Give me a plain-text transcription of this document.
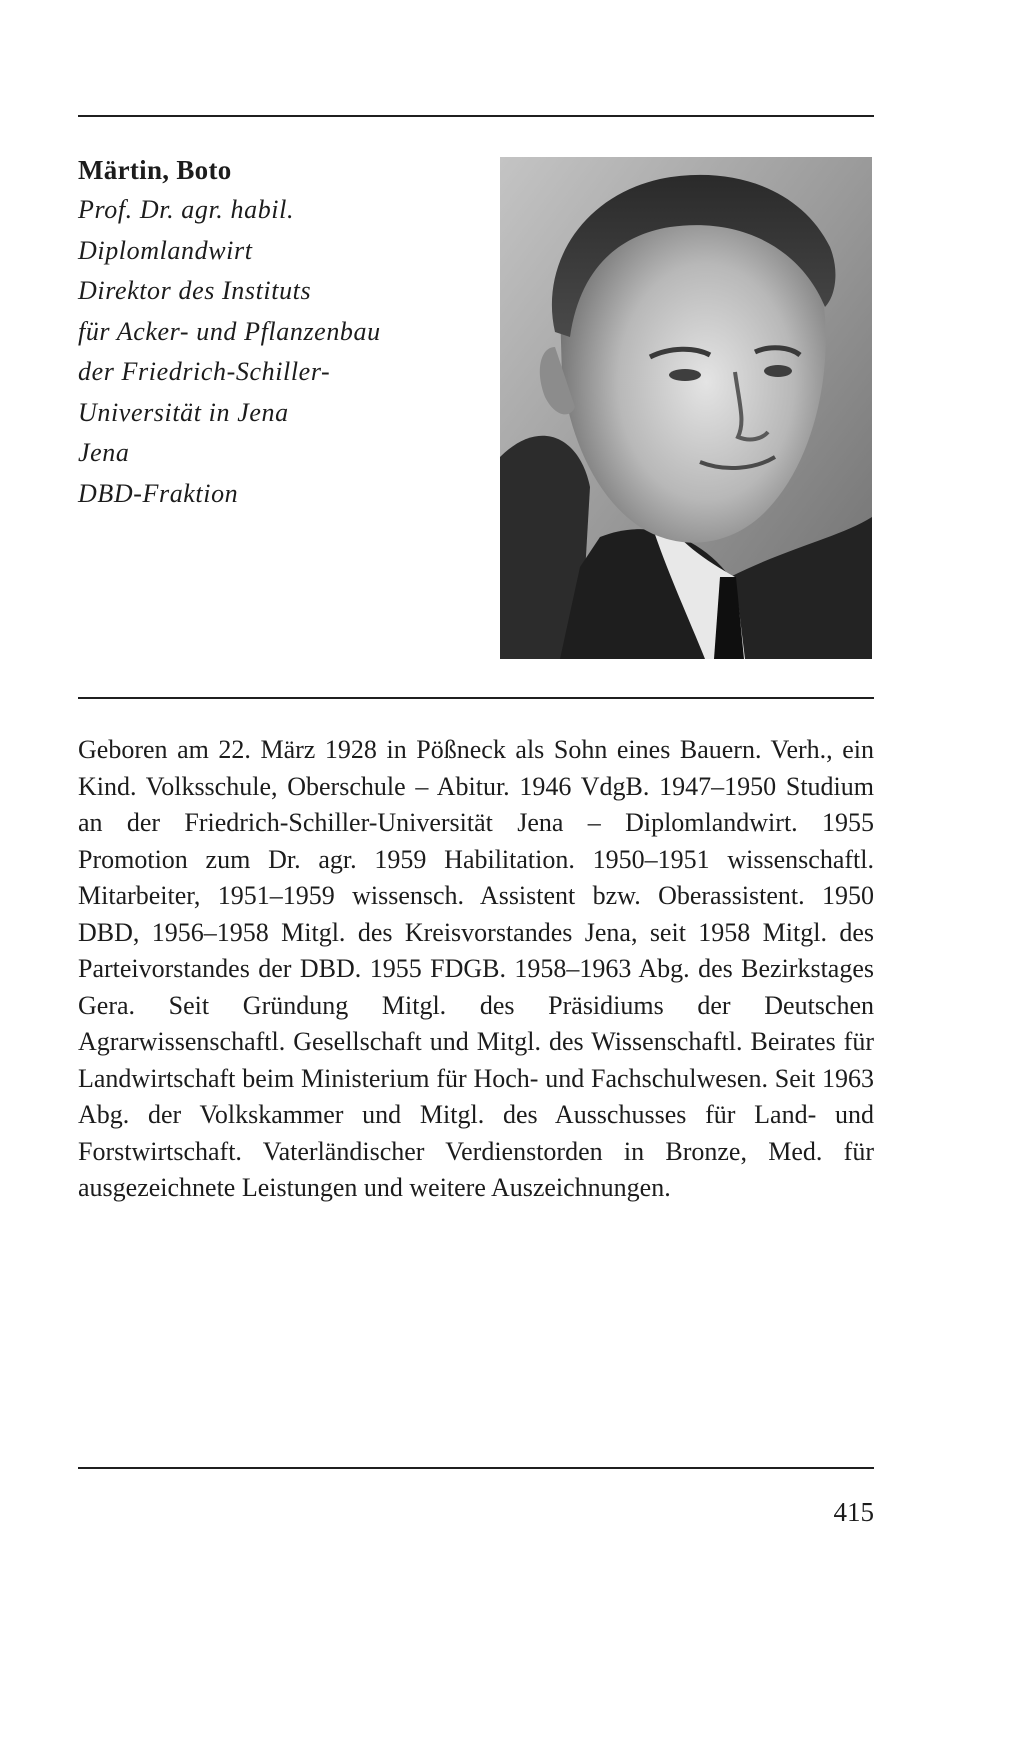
Märtin, Boto
Prof. Dr. agr. habil.
Diplomlandwirt
Direktor des Instituts
für Acker- und Pflanzenbau
der Friedrich-Schiller-
Universität in Jena
Jena
DBD-Fraktion

Geboren am 22. März 1928 in Pößneck als Sohn eines Bauern. Verh., ein Kind. Volksschule, Oberschule – Abitur. 1946 VdgB. 1947–1950 Studium an der Friedrich-Schiller-Universität Jena – Diplomlandwirt. 1955 Promotion zum Dr. agr. 1959 Habilitation. 1950–1951 wissenschaftl. Mitarbeiter, 1951–1959 wissensch. Assistent bzw. Oberassistent. 1950 DBD, 1956–1958 Mitgl. des Kreisvorstandes Jena, seit 1958 Mitgl. des Parteivorstandes der DBD. 1955 FDGB. 1958–1963 Abg. des Bezirkstages Gera. Seit Gründung Mitgl. des Präsidiums der Deutschen Agrarwissenschaftl. Gesellschaft und Mitgl. des Wissenschaftl. Beirates für Landwirtschaft beim Ministerium für Hoch- und Fachschulwesen. Seit 1963 Abg. der Volkskammer und Mitgl. des Ausschusses für Land- und Forstwirtschaft. Vaterländischer Verdienstorden in Bronze, Med. für ausgezeichnete Leistungen und weitere Auszeichnungen.

415
